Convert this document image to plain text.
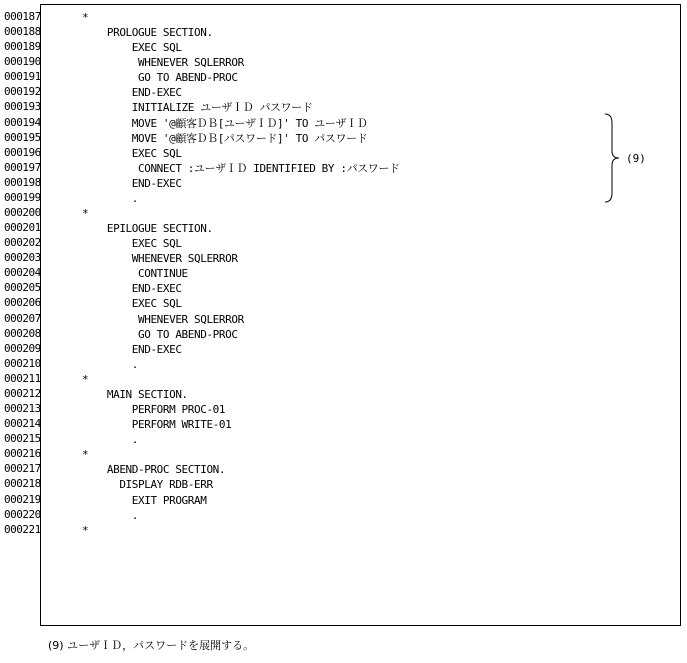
000187
000188
000189
000190
000191
000192
000193
000194
000195
000196
000197
000198
000199
000200
000201
000202
000203
000204
000205
000206
000207
000208
000209
000210
000211
000212
000213
000214
000215
000216
000217
000218
000219
000220
000221
*
PROLOGUE SECTION.
EXEC SQL
WHENEVER SQLERROR
GO TO ABEND-PROC
END-EXEC
INITIALIZE ユーザＩＤ パスワード
MOVE '@顧客ＤＢ[ユーザＩＤ]' TO ユーザＩＤ
MOVE '@顧客ＤＢ[パスワード]' TO パスワード
EXEC SQL
CONNECT :ユーザＩＤ IDENTIFIED BY :パスワード
END-EXEC
.
*
EPILOGUE SECTION.
EXEC SQL
WHENEVER SQLERROR
CONTINUE
END-EXEC
EXEC SQL
WHENEVER SQLERROR
GO TO ABEND-PROC
END-EXEC
.
*
MAIN SECTION.
PERFORM PROC-01
PERFORM WRITE-01
.
*
ABEND-PROC SECTION.
DISPLAY RDB-ERR
EXIT PROGRAM
.
*
(9)
(9) ユーザＩＤ，パスワードを展開する。
